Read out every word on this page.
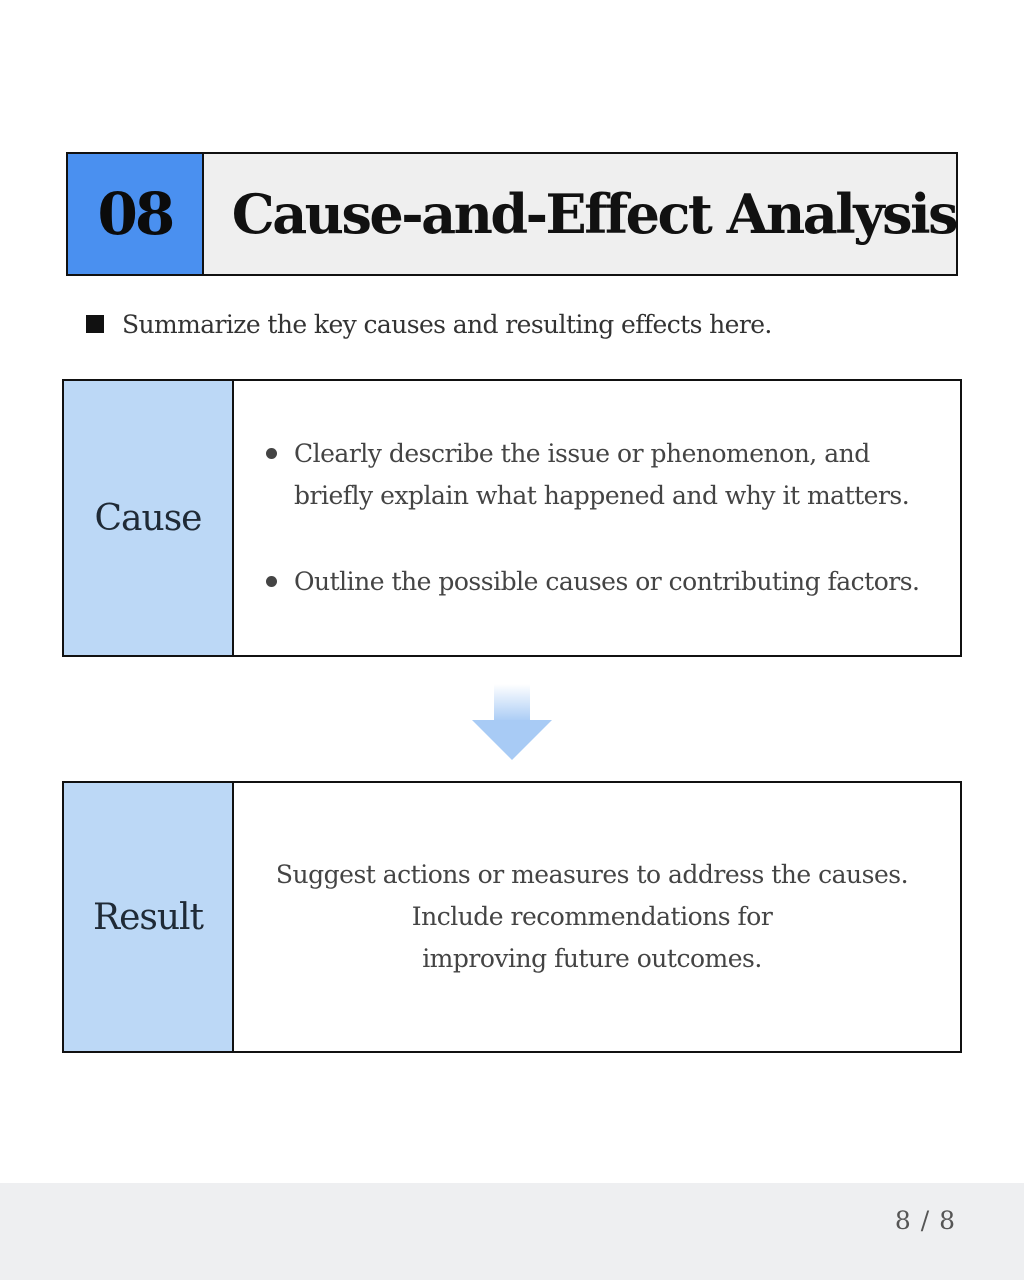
08	Cause-and-Effect Analysis
Summarize the key causes and resulting effects here.
Cause
Clearly describe the issue or phenomenon, and briefly explain what happened and why it matters.
Outline the possible causes or contributing factors.
Result
Suggest actions or measures to address the causes.
Include recommendations for
improving future outcomes.
8 / 8
